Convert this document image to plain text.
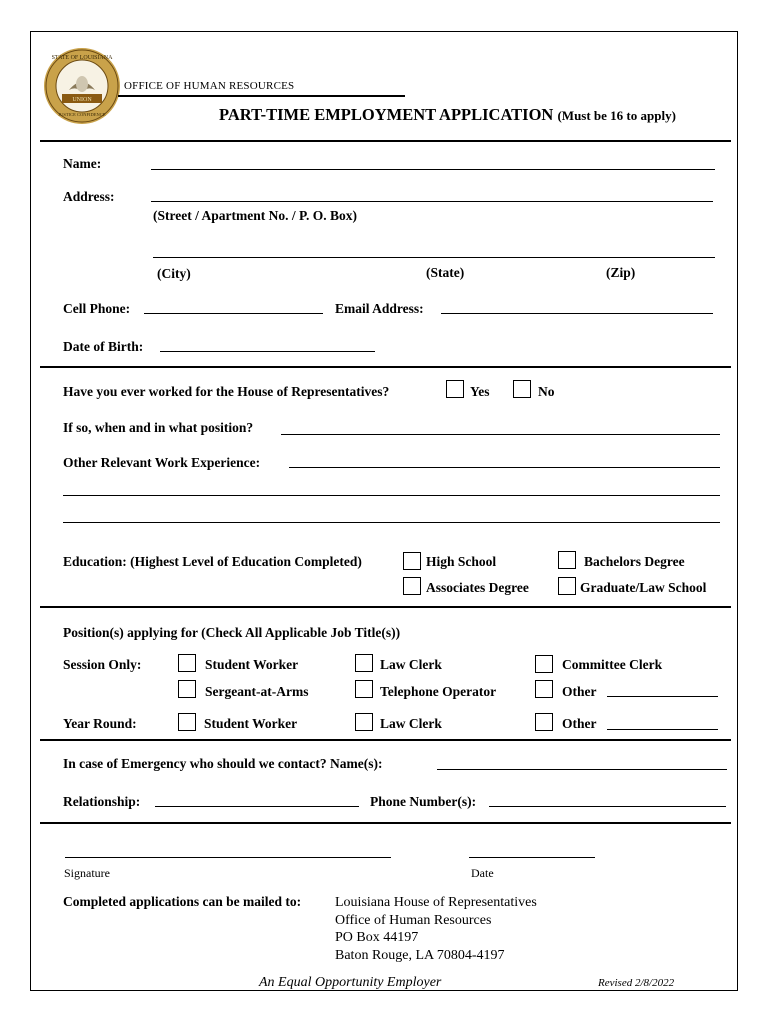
UNION
STATE OF LOUISIANA
JUSTICE CONFIDENCE
OFFICE OF HUMAN RESOURCES
PART-TIME EMPLOYMENT APPLICATION (Must be 16 to apply)
Name:
Address:
(Street / Apartment No. / P. O. Box)
(City)	(State)	(Zip)
Cell Phone:	Email Address:
Date of Birth:
Have you ever worked for the House of Representatives?	Yes	No
If so, when and in what position?
Other Relevant Work Experience:
Education: (Highest Level of Education Completed)	High School	Bachelors Degree
Associates Degree	Graduate/Law School
Position(s) applying for (Check All Applicable Job Title(s))
Session Only:	Student Worker	Law Clerk	Committee Clerk
Sergeant-at-Arms	Telephone Operator	Other
Year Round:	Student Worker	Law Clerk	Other
In case of Emergency who should we contact? Name(s):
Relationship:	Phone Number(s):
Signature	Date
Completed applications can be mailed to: Louisiana House of Representatives
Office of Human Resources
PO Box 44197
Baton Rouge, LA 70804-4197
An Equal Opportunity Employer	Revised 2/8/2022
